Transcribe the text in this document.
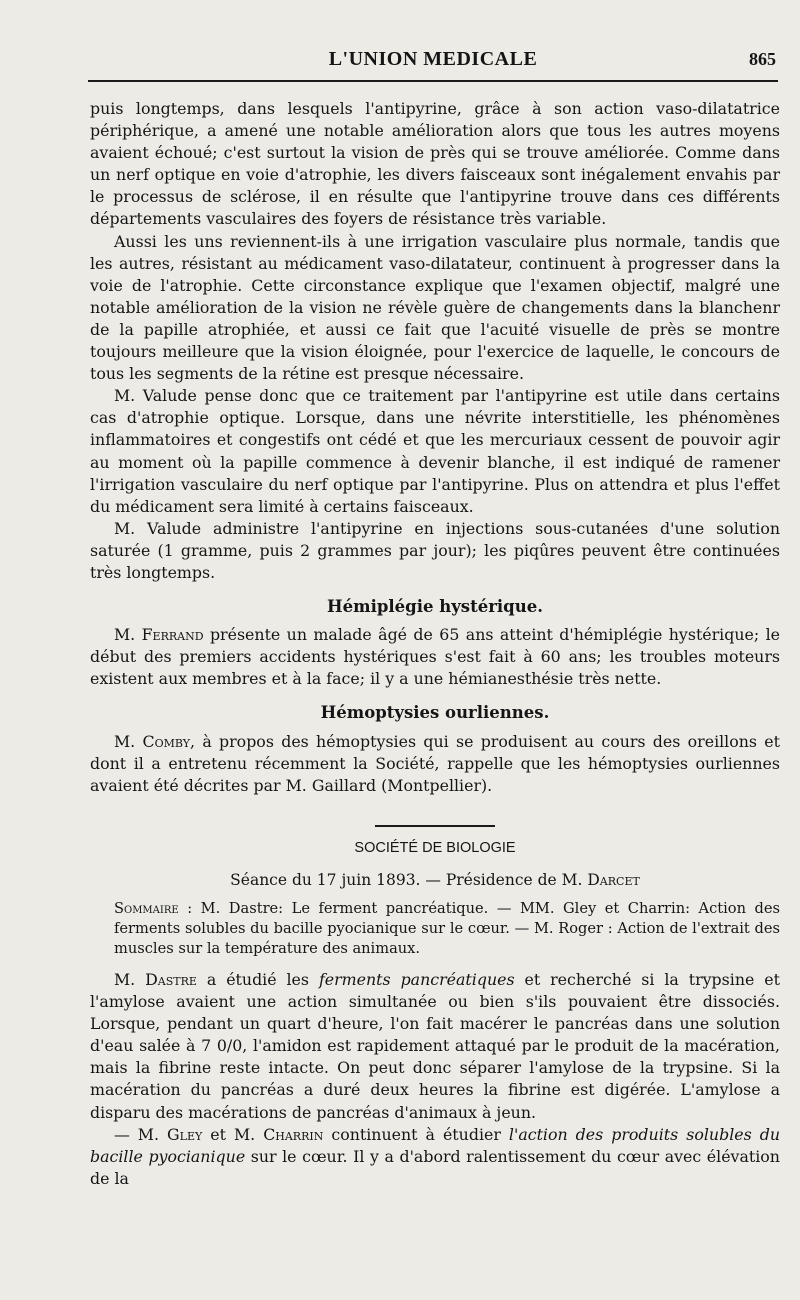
L'UNION MEDICALE	865

puis longtemps, dans lesquels l'antipyrine, grâce à son action vaso-dilatatrice périphérique, a amené une notable amélioration alors que tous les autres moyens avaient échoué; c'est surtout la vision de près qui se trouve améliorée. Comme dans un nerf optique en voie d'atrophie, les divers faisceaux sont inégalement envahis par le processus de sclérose, il en résulte que l'antipyrine trouve dans ces différents départements vasculaires des foyers de résistance très variable.

Aussi les uns reviennent-ils à une irrigation vasculaire plus normale, tandis que les autres, résistant au médicament vaso-dilatateur, continuent à progresser dans la voie de l'atrophie. Cette circonstance explique que l'examen objectif, malgré une notable amélioration de la vision ne révèle guère de changements dans la blanchenr de la papille atrophiée, et aussi ce fait que l'acuité visuelle de près se montre toujours meilleure que la vision éloignée, pour l'exercice de laquelle, le concours de tous les segments de la rétine est presque nécessaire.

M. Valude pense donc que ce traitement par l'antipyrine est utile dans certains cas d'atrophie optique. Lorsque, dans une névrite interstitielle, les phénomènes inflammatoires et congestifs ont cédé et que les mercuriaux cessent de pouvoir agir au moment où la papille commence à devenir blanche, il est indiqué de ramener l'irrigation vasculaire du nerf optique par l'antipyrine. Plus on attendra et plus l'effet du médicament sera limité à certains faisceaux.

M. Valude administre l'antipyrine en injections sous-cutanées d'une solution saturée (1 gramme, puis 2 grammes par jour); les piqûres peuvent être continuées très longtemps.

Hémiplégie hystérique.

M. Ferrand présente un malade âgé de 65 ans atteint d'hémiplégie hystérique; le début des premiers accidents hystériques s'est fait à 60 ans; les troubles moteurs existent aux membres et à la face; il y a une hémianesthésie très nette.

Hémoptysies ourliennes.

M. Comby, à propos des hémoptysies qui se produisent au cours des oreillons et dont il a entretenu récemment la Société, rappelle que les hémoptysies ourliennes avaient été décrites par M. Gaillard (Montpellier).

SOCIÉTÉ DE BIOLOGIE

Séance du 17 juin 1893. — Présidence de M. Darcet

Sommaire : M. Dastre: Le ferment pancréatique. — MM. Gley et Charrin: Action des ferments solubles du bacille pyocianique sur le cœur. — M. Roger : Action de l'extrait des muscles sur la température des animaux.

M. Dastre a étudié les ferments pancréatiques et recherché si la trypsine et l'amylose avaient une action simultanée ou bien s'ils pouvaient être dissociés. Lorsque, pendant un quart d'heure, l'on fait macérer le pancréas dans une solution d'eau salée à 7 0/0, l'amidon est rapidement attaqué par le produit de la macération, mais la fibrine reste intacte. On peut donc séparer l'amylose de la trypsine. Si la macération du pancréas a duré deux heures la fibrine est digérée. L'amylose a disparu des macérations de pancréas d'animaux à jeun.

— M. Gley et M. Charrin continuent à étudier l'action des produits solubles du bacille pyocianique sur le cœur. Il y a d'abord ralentissement du cœur avec élévation de la
